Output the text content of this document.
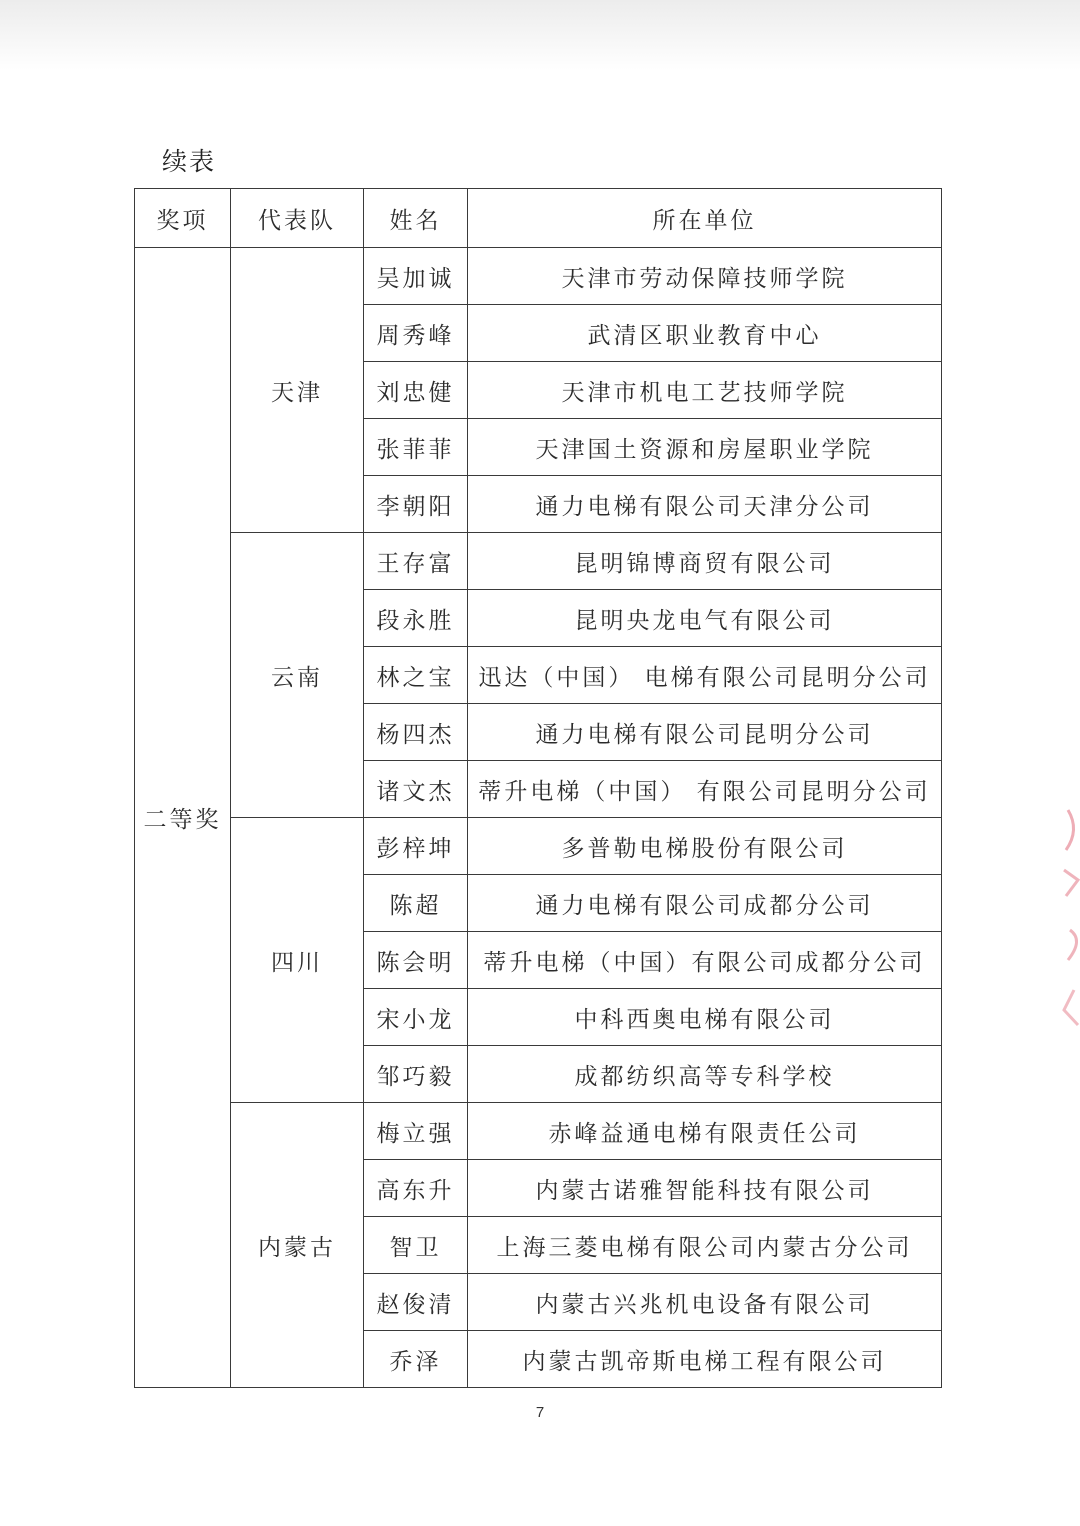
续表
奖项	代表队	姓名	所在单位
二等奖	天津	吴加诚	天津市劳动保障技师学院
		周秀峰	武清区职业教育中心
		刘忠健	天津市机电工艺技师学院
		张菲菲	天津国土资源和房屋职业学院
		李朝阳	通力电梯有限公司天津分公司
	云南	王存富	昆明锦博商贸有限公司
		段永胜	昆明央龙电气有限公司
		林之宝	迅达（中国） 电梯有限公司昆明分公司
		杨四杰	通力电梯有限公司昆明分公司
		诸文杰	蒂升电梯（中国） 有限公司昆明分公司
	四川	彭梓坤	多普勒电梯股份有限公司
		陈超	通力电梯有限公司成都分公司
		陈会明	蒂升电梯（中国）有限公司成都分公司
		宋小龙	中科西奥电梯有限公司
		邹巧毅	成都纺织高等专科学校
	内蒙古	梅立强	赤峰益通电梯有限责任公司
		高东升	内蒙古诺雅智能科技有限公司
		智卫	上海三菱电梯有限公司内蒙古分公司
		赵俊清	内蒙古兴兆机电设备有限公司
		乔泽	内蒙古凯帝斯电梯工程有限公司
7
